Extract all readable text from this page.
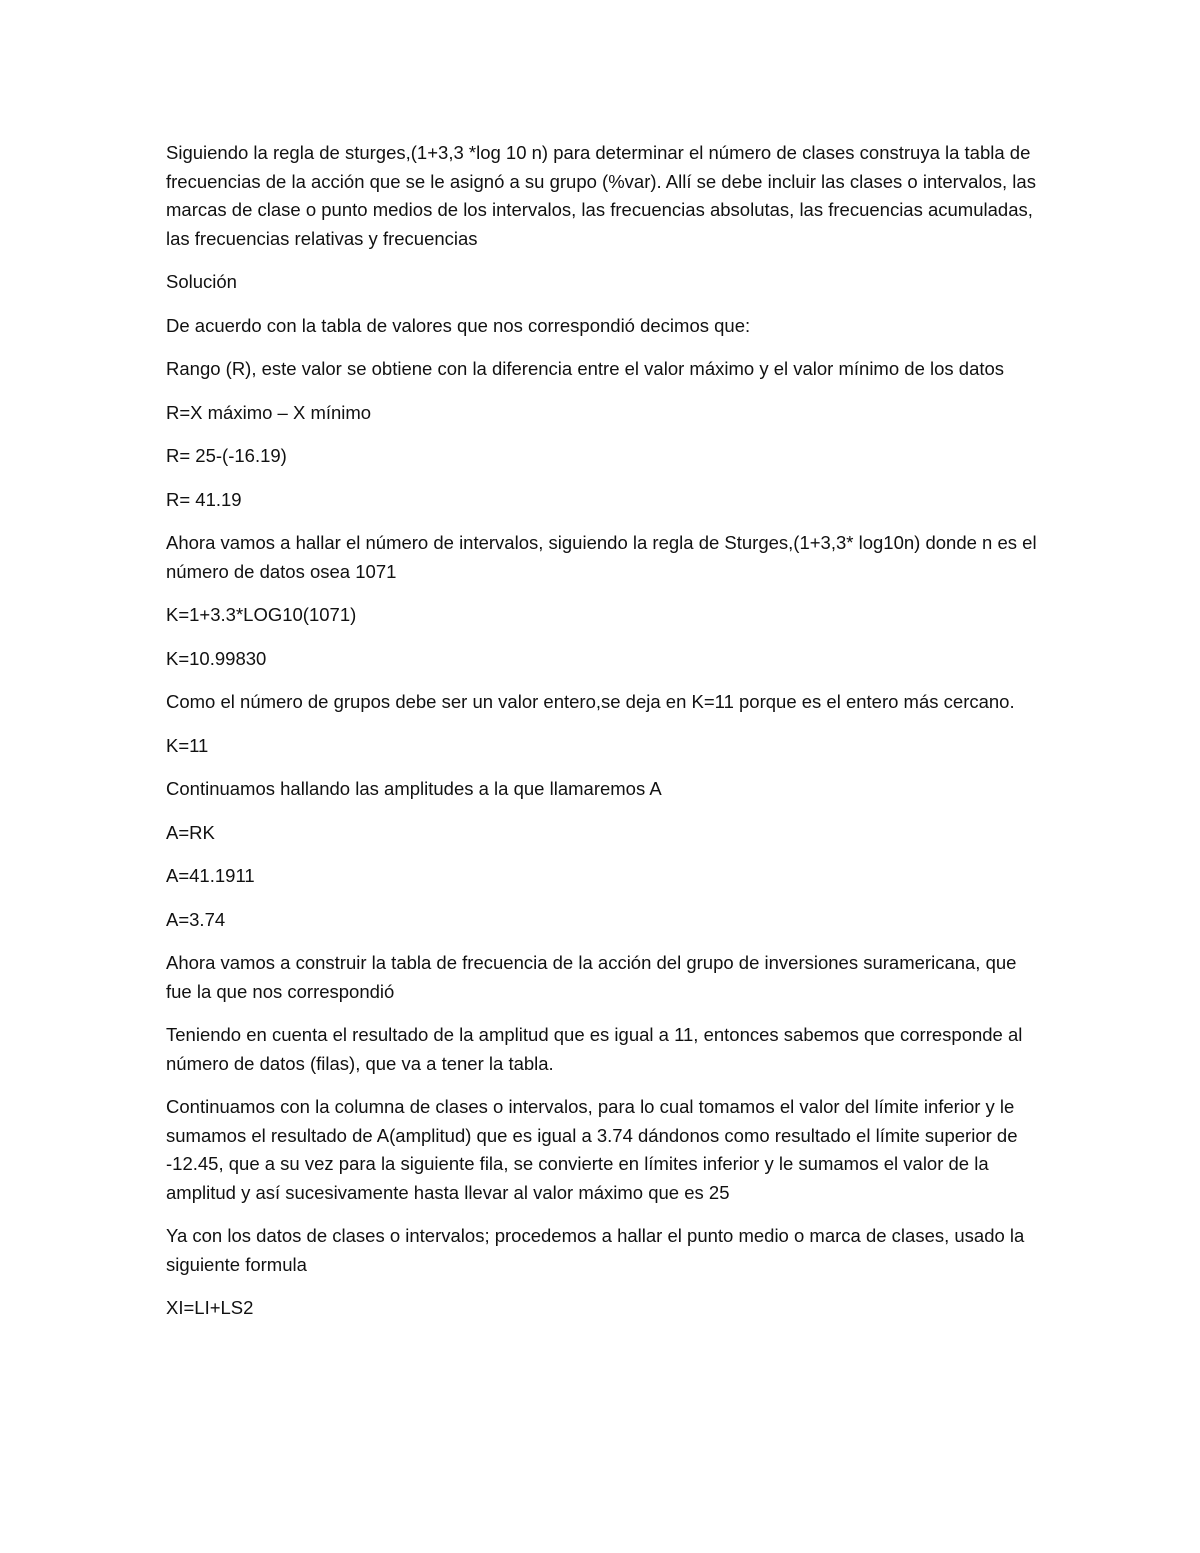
Siguiendo la regla de sturges,(1+3,3 *log 10 n) para determinar el número de clases construya la tabla de frecuencias de la acción que se le asignó a su grupo (%var). Allí se debe incluir las clases o intervalos, las marcas de clase o punto medios de los intervalos, las frecuencias absolutas, las frecuencias acumuladas, las frecuencias relativas y frecuencias

Solución

De acuerdo con la tabla de valores que nos correspondió decimos que:

Rango (R), este valor se obtiene con la diferencia entre el valor máximo y el valor mínimo de los datos

R=X máximo – X mínimo

R= 25-(-16.19)

R= 41.19

Ahora vamos a hallar el número de intervalos, siguiendo la regla de Sturges,(1+3,3* log10n) donde n es el número de datos osea 1071

K=1+3.3*LOG10(1071)

K=10.99830

Como el número de grupos debe ser un valor entero,se deja en K=11 porque es el entero más cercano.

K=11

Continuamos hallando las amplitudes a la que llamaremos A

A=RK

A=41.1911

A=3.74

Ahora vamos a construir la tabla de frecuencia de la acción del grupo de inversiones suramericana, que fue la que nos correspondió

Teniendo en cuenta el resultado de la amplitud que es igual a 11, entonces sabemos que corresponde al número de datos (filas), que va a tener la tabla.

Continuamos con la columna de clases o intervalos, para lo cual tomamos el valor del límite inferior y le sumamos el resultado de A(amplitud) que es igual a 3.74 dándonos como resultado el límite superior de -12.45, que a su vez para la siguiente fila, se convierte en límites inferior y le sumamos el valor de la amplitud y así sucesivamente hasta llevar al valor máximo que es 25

Ya con los datos de clases o intervalos; procedemos a hallar el punto medio o marca de clases, usado la siguiente formula

XI=LI+LS2
